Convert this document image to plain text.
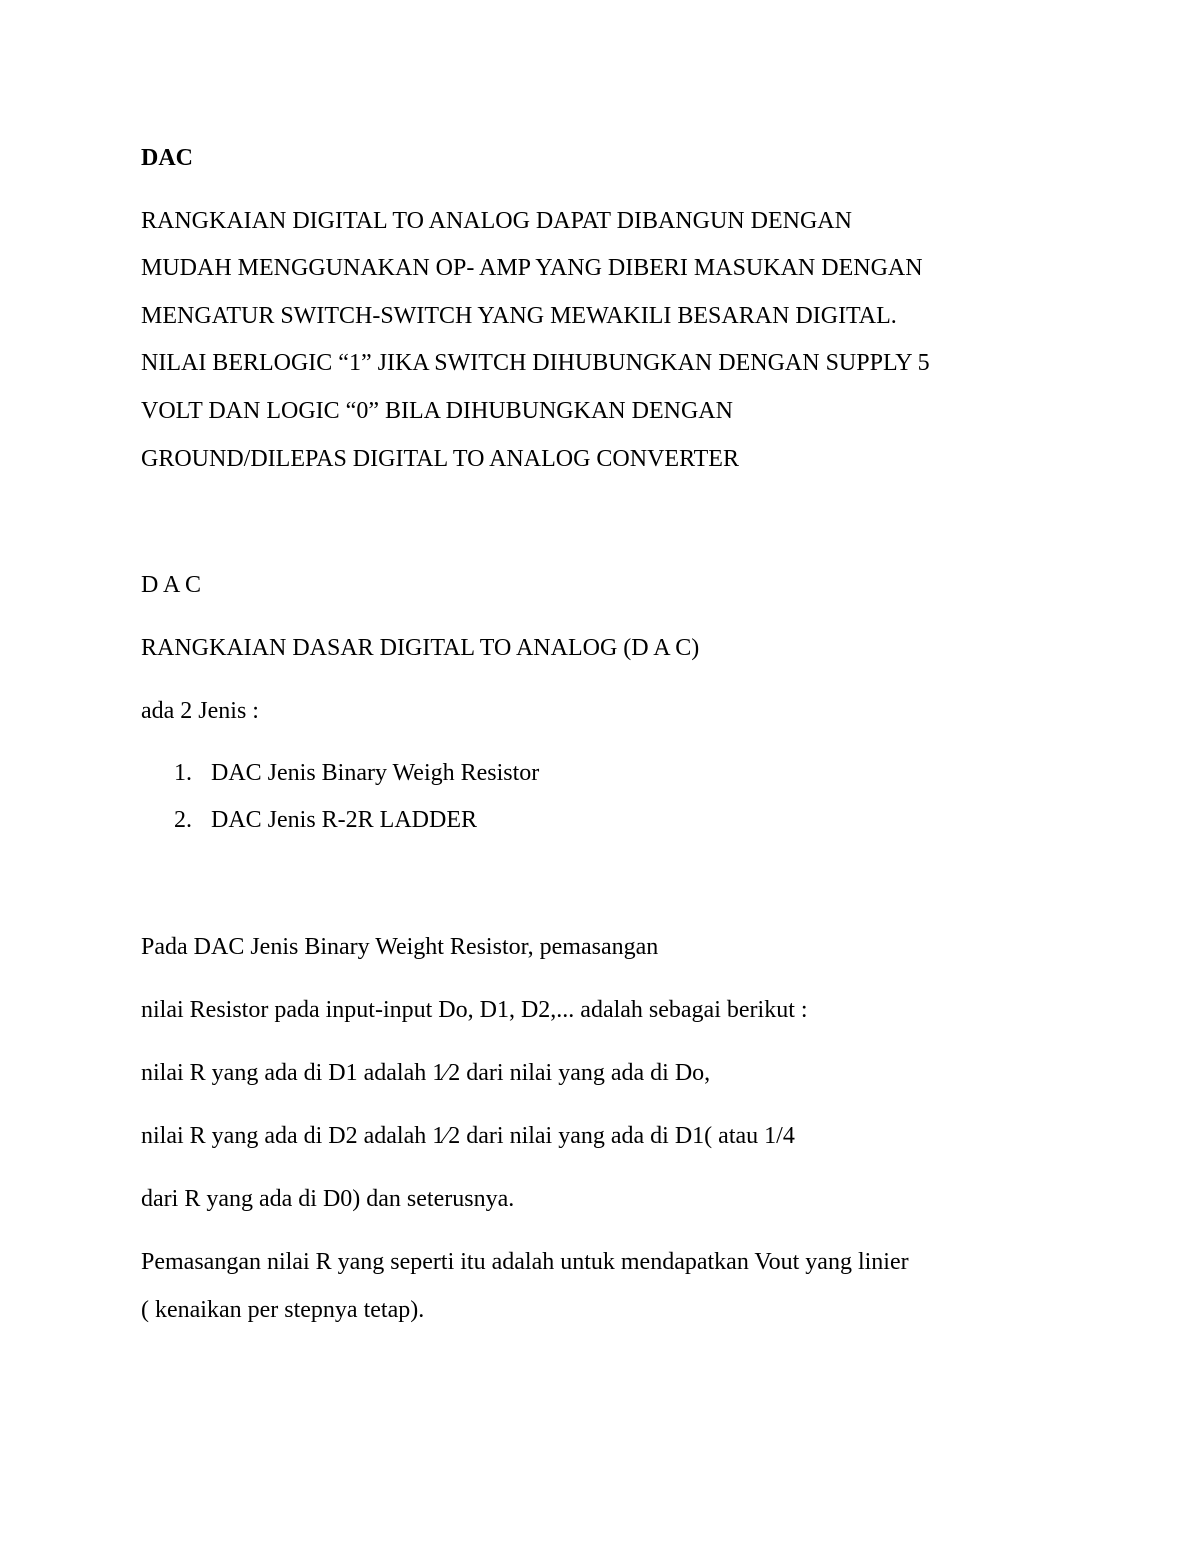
DAC
RANGKAIAN DIGITAL TO ANALOG DAPAT DIBANGUN DENGAN
MUDAH MENGGUNAKAN OP- AMP YANG DIBERI MASUKAN DENGAN
MENGATUR SWITCH-SWITCH YANG MEWAKILI BESARAN DIGITAL.
NILAI BERLOGIC “1” JIKA SWITCH DIHUBUNGKAN DENGAN SUPPLY 5
VOLT DAN LOGIC “0” BILA DIHUBUNGKAN DENGAN
GROUND/DILEPAS DIGITAL TO ANALOG CONVERTER
D A C
RANGKAIAN DASAR DIGITAL TO ANALOG (D A C)
ada 2 Jenis :
1. DAC Jenis Binary Weigh Resistor
2. DAC Jenis R-2R LADDER
Pada DAC Jenis Binary Weight Resistor, pemasangan
nilai Resistor pada input-input Do, D1, D2,... adalah sebagai berikut :
nilai R yang ada di D1 adalah 1⁄2 dari nilai yang ada di Do,
nilai R yang ada di D2 adalah 1⁄2 dari nilai yang ada di D1( atau 1/4
dari R yang ada di D0) dan seterusnya.
Pemasangan nilai R yang seperti itu adalah untuk mendapatkan Vout yang linier
( kenaikan per stepnya tetap).
